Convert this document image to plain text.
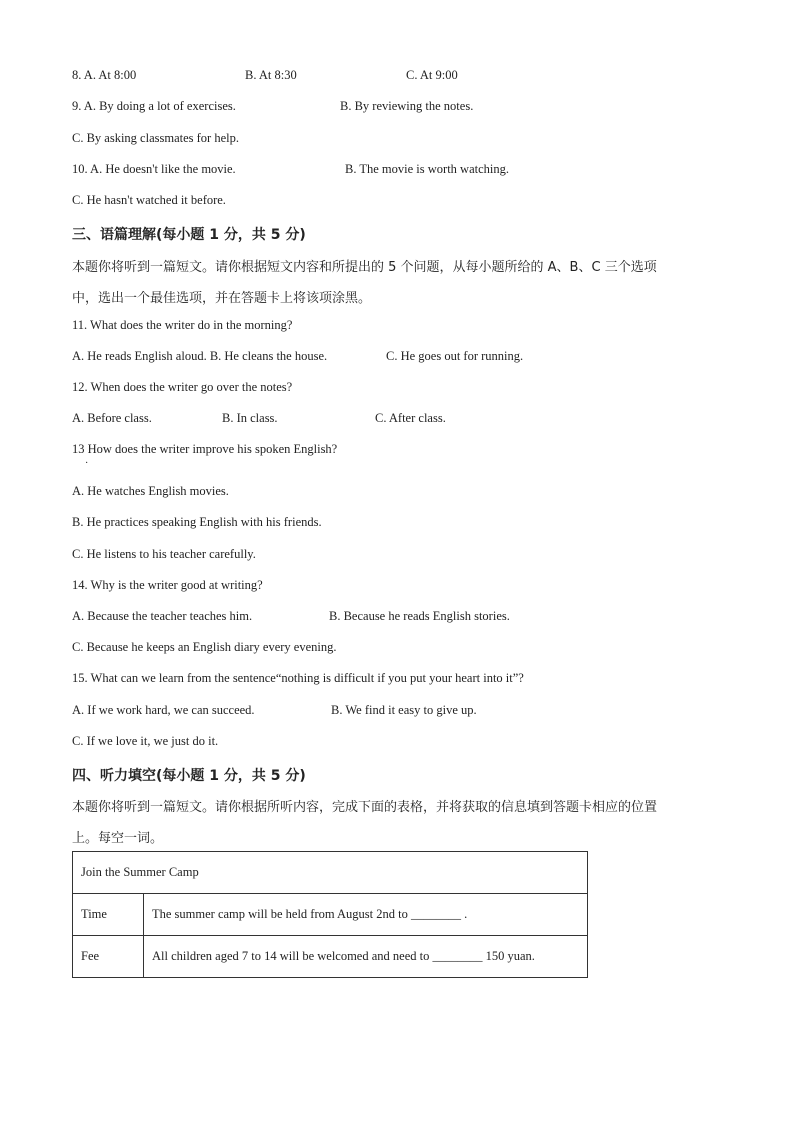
8. A. At 8:00	B. At 8:30	C. At 9:00
9. A. By doing a lot of exercises.	B. By reviewing the notes.
C. By asking classmates for help.
10. A. He doesn't like the movie.	B. The movie is worth watching.
C. He hasn't watched it before.
三、语篇理解(每小题 1 分，共 5 分)
本题你将听到一篇短文。请你根据短文内容和所提出的 5 个问题，从每小题所给的 A、B、C 三个选项
中，选出一个最佳选项，并在答题卡上将该项涂黑。
11. What does the writer do in the morning?
A. He reads English aloud. B. He cleans the house.	C. He goes out for running.
12. When does the writer go over the notes?
A. Before class.	B. In class.	C. After class.
13 How does the writer improve his spoken English?
·
A. He watches English movies.
B. He practices speaking English with his friends.
C. He listens to his teacher carefully.
14. Why is the writer good at writing?
A. Because the teacher teaches him.	B. Because he reads English stories.
C. Because he keeps an English diary every evening.
15. What can we learn from the sentence“nothing is difficult if you put your heart into it”?
A. If we work hard, we can succeed.	B. We find it easy to give up.
C. If we love it, we just do it.
四、听力填空(每小题 1 分，共 5 分)
本题你将听到一篇短文。请你根据所听内容，完成下面的表格，并将获取的信息填到答题卡相应的位置
上。每空一词。
Join the Summer Camp	
Time	The summer camp will be held from August 2nd to ________ .
Fee	All children aged 7 to 14 will be welcomed and need to ________ 150 yuan.
